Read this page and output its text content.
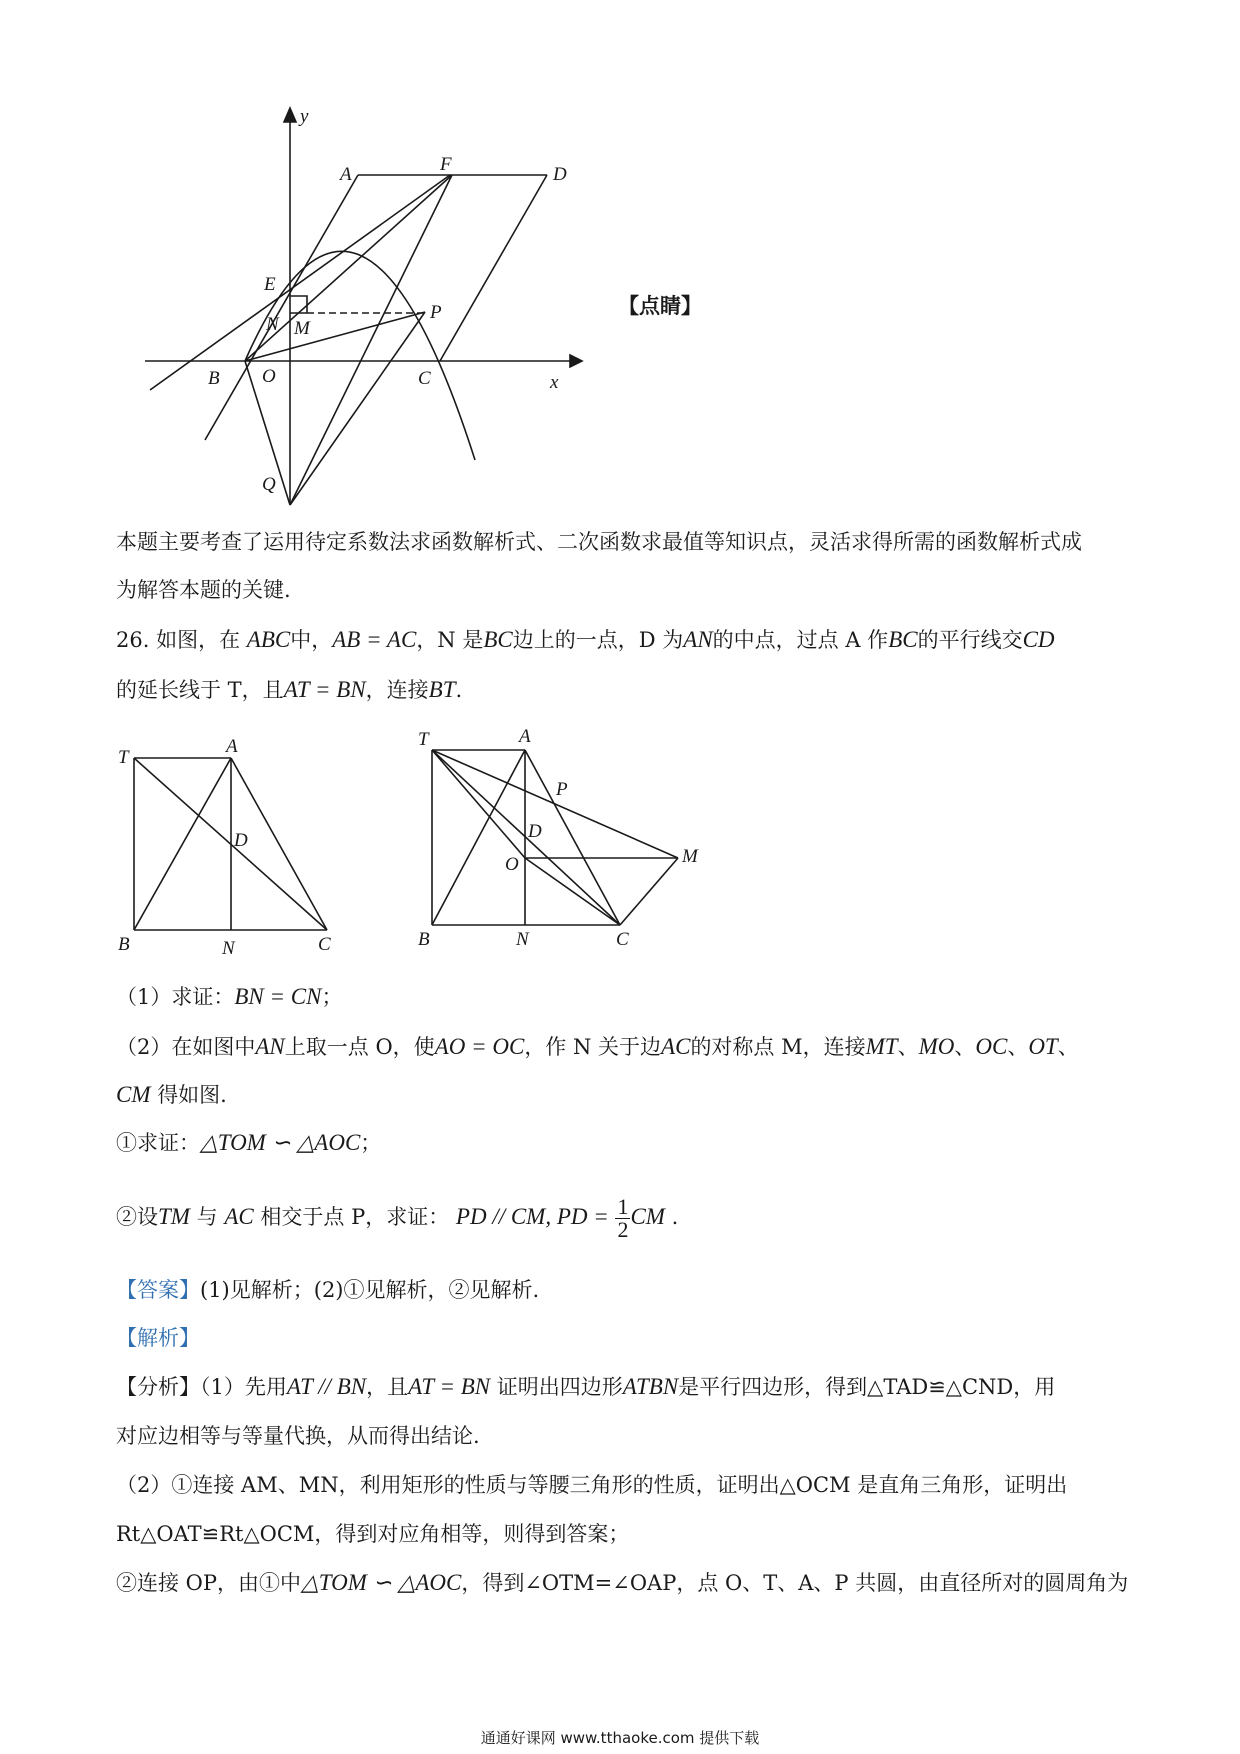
y
A	F	D
E
N M
P
B O	C	x
Q
【点睛】
本题主要考查了运用待定系数法求函数解析式、二次函数求最值等知识点，灵活求得所需的函数解析式成
为解答本题的关键.
26. 如图，在 ABC中，AB = AC，N 是BC边上的一点，D 为AN的中点，过点 A 作BC的平行线交CD
的延长线于 T，且AT = BN，连接BT.
T
A
D
B	N	C
T	A
P
D
O	M
B	N	C
（1）求证：BN = CN；
（2）在如图中AN上取一点 O，使AO = OC，作 N 关于边AC的对称点 M，连接MT、MO、OC、OT、
CM 得如图.
①求证：△TOM ∽ △AOC；
②设TM 与 AC 相交于点 P，求证： PD // CM, PD = $\frac{1}{2}$ CM .
【答案】(1)见解析；(2)①见解析，②见解析.
【解析】
【分析】（1）先用AT // BN，且AT = BN 证明出四边形ATBN是平行四边形，得到△TAD≌△CND，用
对应边相等与等量代换，从而得出结论.
（2）①连接 AM、MN，利用矩形的性质与等腰三角形的性质，证明出△OCM 是直角三角形，证明出
Rt△OAT≌Rt△OCM，得到对应角相等，则得到答案；
②连接 OP，由①中△TOM ∽ △AOC，得到∠OTM=∠OAP，点 O、T、A、P 共圆，由直径所对的圆周角为
通通好课网 www.tthaoke.com 提供下载
